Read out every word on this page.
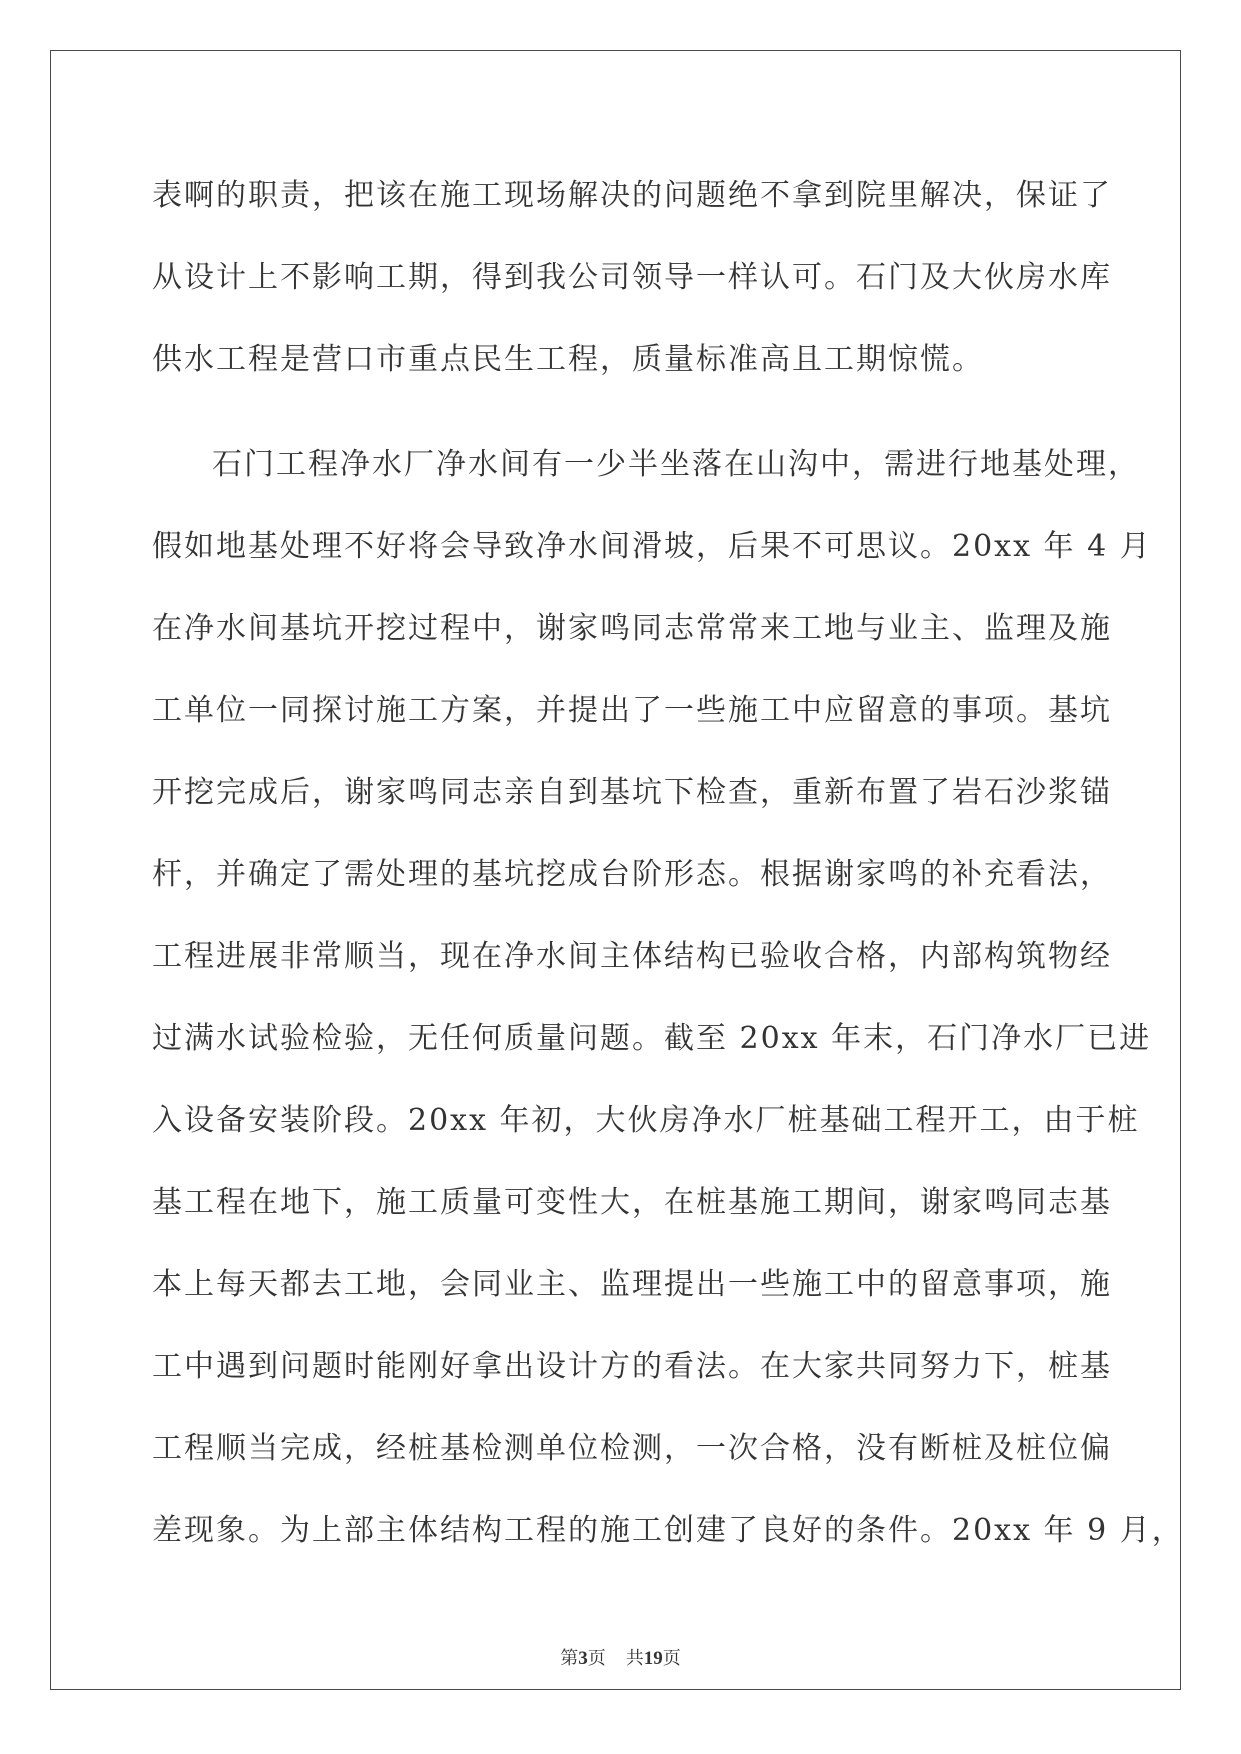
表啊的职责，把该在施工现场解决的问题绝不拿到院里解决，保证了

从设计上不影响工期，得到我公司领导一样认可。石门及大伙房水库

供水工程是营口市重点民生工程，质量标准高且工期惊慌。

石门工程净水厂净水间有一少半坐落在山沟中，需进行地基处理，

假如地基处理不好将会导致净水间滑坡，后果不可思议。20xx 年 4 月

在净水间基坑开挖过程中，谢家鸣同志常常来工地与业主、监理及施

工单位一同探讨施工方案，并提出了一些施工中应留意的事项。基坑

开挖完成后，谢家鸣同志亲自到基坑下检查，重新布置了岩石沙浆锚

杆，并确定了需处理的基坑挖成台阶形态。根据谢家鸣的补充看法，

工程进展非常顺当，现在净水间主体结构已验收合格，内部构筑物经

过满水试验检验，无任何质量问题。截至 20xx 年末，石门净水厂已进

入设备安装阶段。20xx 年初，大伙房净水厂桩基础工程开工，由于桩

基工程在地下，施工质量可变性大，在桩基施工期间，谢家鸣同志基

本上每天都去工地，会同业主、监理提出一些施工中的留意事项，施

工中遇到问题时能刚好拿出设计方的看法。在大家共同努力下，桩基

工程顺当完成，经桩基检测单位检测，一次合格，没有断桩及桩位偏

差现象。为上部主体结构工程的施工创建了良好的条件。20xx 年 9 月，

第3页 共19页
